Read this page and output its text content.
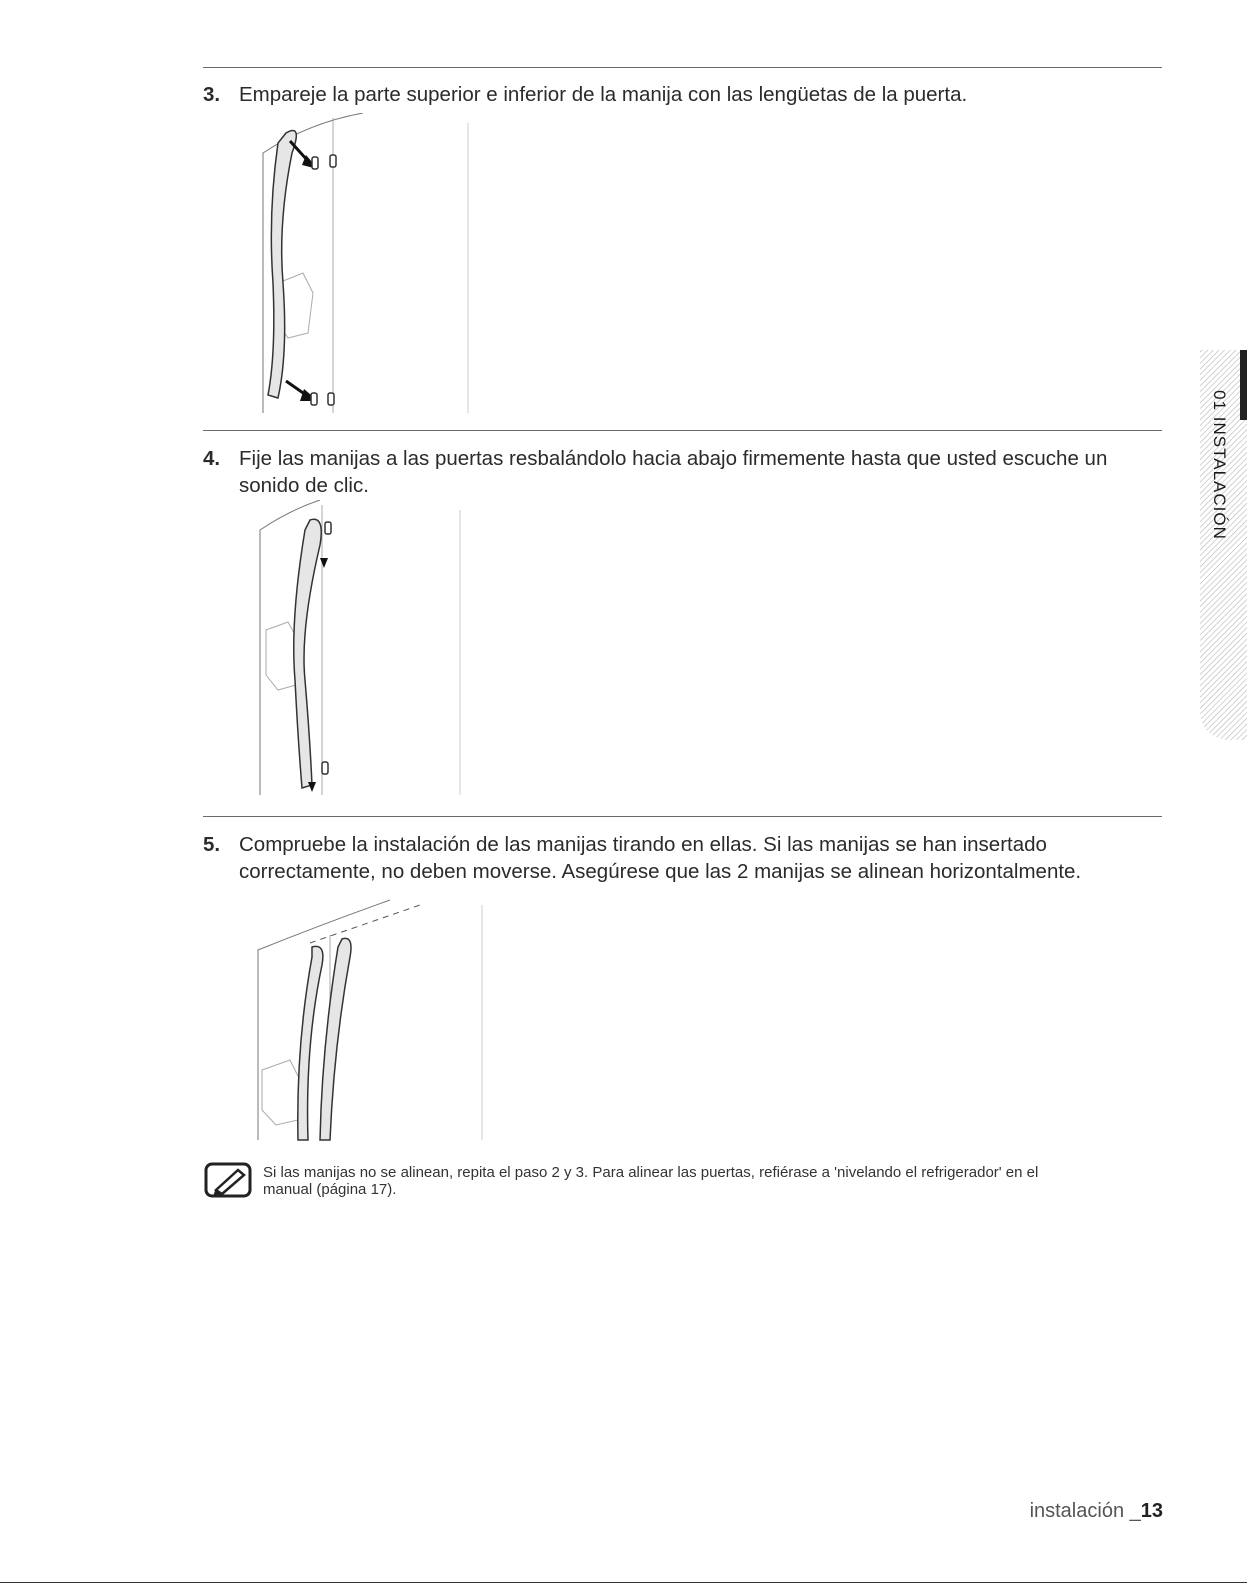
3. Empareje la parte superior e inferior de la manija con las lengüetas de la puerta.
4. Fije las manijas a las puertas resbalándolo hacia abajo firmemente hasta que usted escuche un sonido de clic.
5. Compruebe la instalación de las manijas tirando en ellas. Si las manijas se han insertado correctamente, no deben moverse. Asegúrese que las 2 manijas se alinean horizontalmente.
Si las manijas no se alinean, repita el paso 2 y 3. Para alinear las puertas, refiérase a 'nivelando el refrigerador' en el manual (página 17).
01 INSTALACIÓN
instalación _13
